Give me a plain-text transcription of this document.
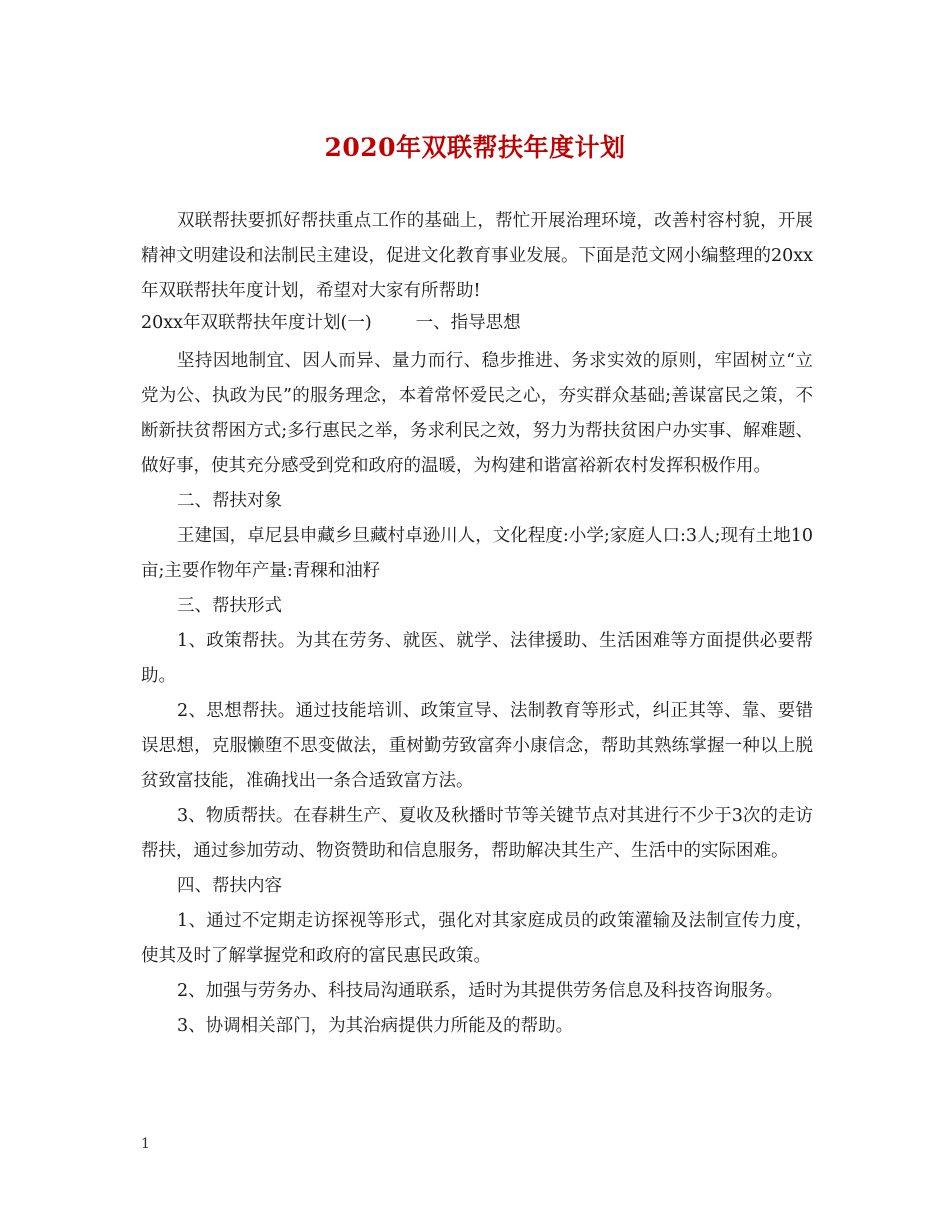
2020年双联帮扶年度计划

双联帮扶要抓好帮扶重点工作的基础上，帮忙开展治理环境，改善村容村貌，开展精神文明建设和法制民主建设，促进文化教育事业发展。下面是范文网小编整理的20xx年双联帮扶年度计划，希望对大家有所帮助!

20xx年双联帮扶年度计划(一)	一、指导思想

坚持因地制宜、因人而异、量力而行、稳步推进、务求实效的原则，牢固树立“立党为公、执政为民”的服务理念，本着常怀爱民之心，夯实群众基础;善谋富民之策，不断新扶贫帮困方式;多行惠民之举，务求利民之效，努力为帮扶贫困户办实事、解难题、做好事，使其充分感受到党和政府的温暖，为构建和谐富裕新农村发挥积极作用。

二、帮扶对象

王建国，卓尼县申藏乡旦藏村卓逊川人，文化程度:小学;家庭人口:3人;现有土地10亩;主要作物年产量:青稞和油籽

三、帮扶形式

1、政策帮扶。为其在劳务、就医、就学、法律援助、生活困难等方面提供必要帮助。

2、思想帮扶。通过技能培训、政策宣导、法制教育等形式，纠正其等、靠、要错误思想，克服懒堕不思变做法，重树勤劳致富奔小康信念，帮助其熟练掌握一种以上脱贫致富技能，准确找出一条合适致富方法。

3、物质帮扶。在春耕生产、夏收及秋播时节等关键节点对其进行不少于3次的走访帮扶，通过参加劳动、物资赞助和信息服务，帮助解决其生产、生活中的实际困难。

四、帮扶内容

1、通过不定期走访探视等形式，强化对其家庭成员的政策灌输及法制宣传力度，使其及时了解掌握党和政府的富民惠民政策。

2、加强与劳务办、科技局沟通联系，适时为其提供劳务信息及科技咨询服务。

3、协调相关部门，为其治病提供力所能及的帮助。

1
